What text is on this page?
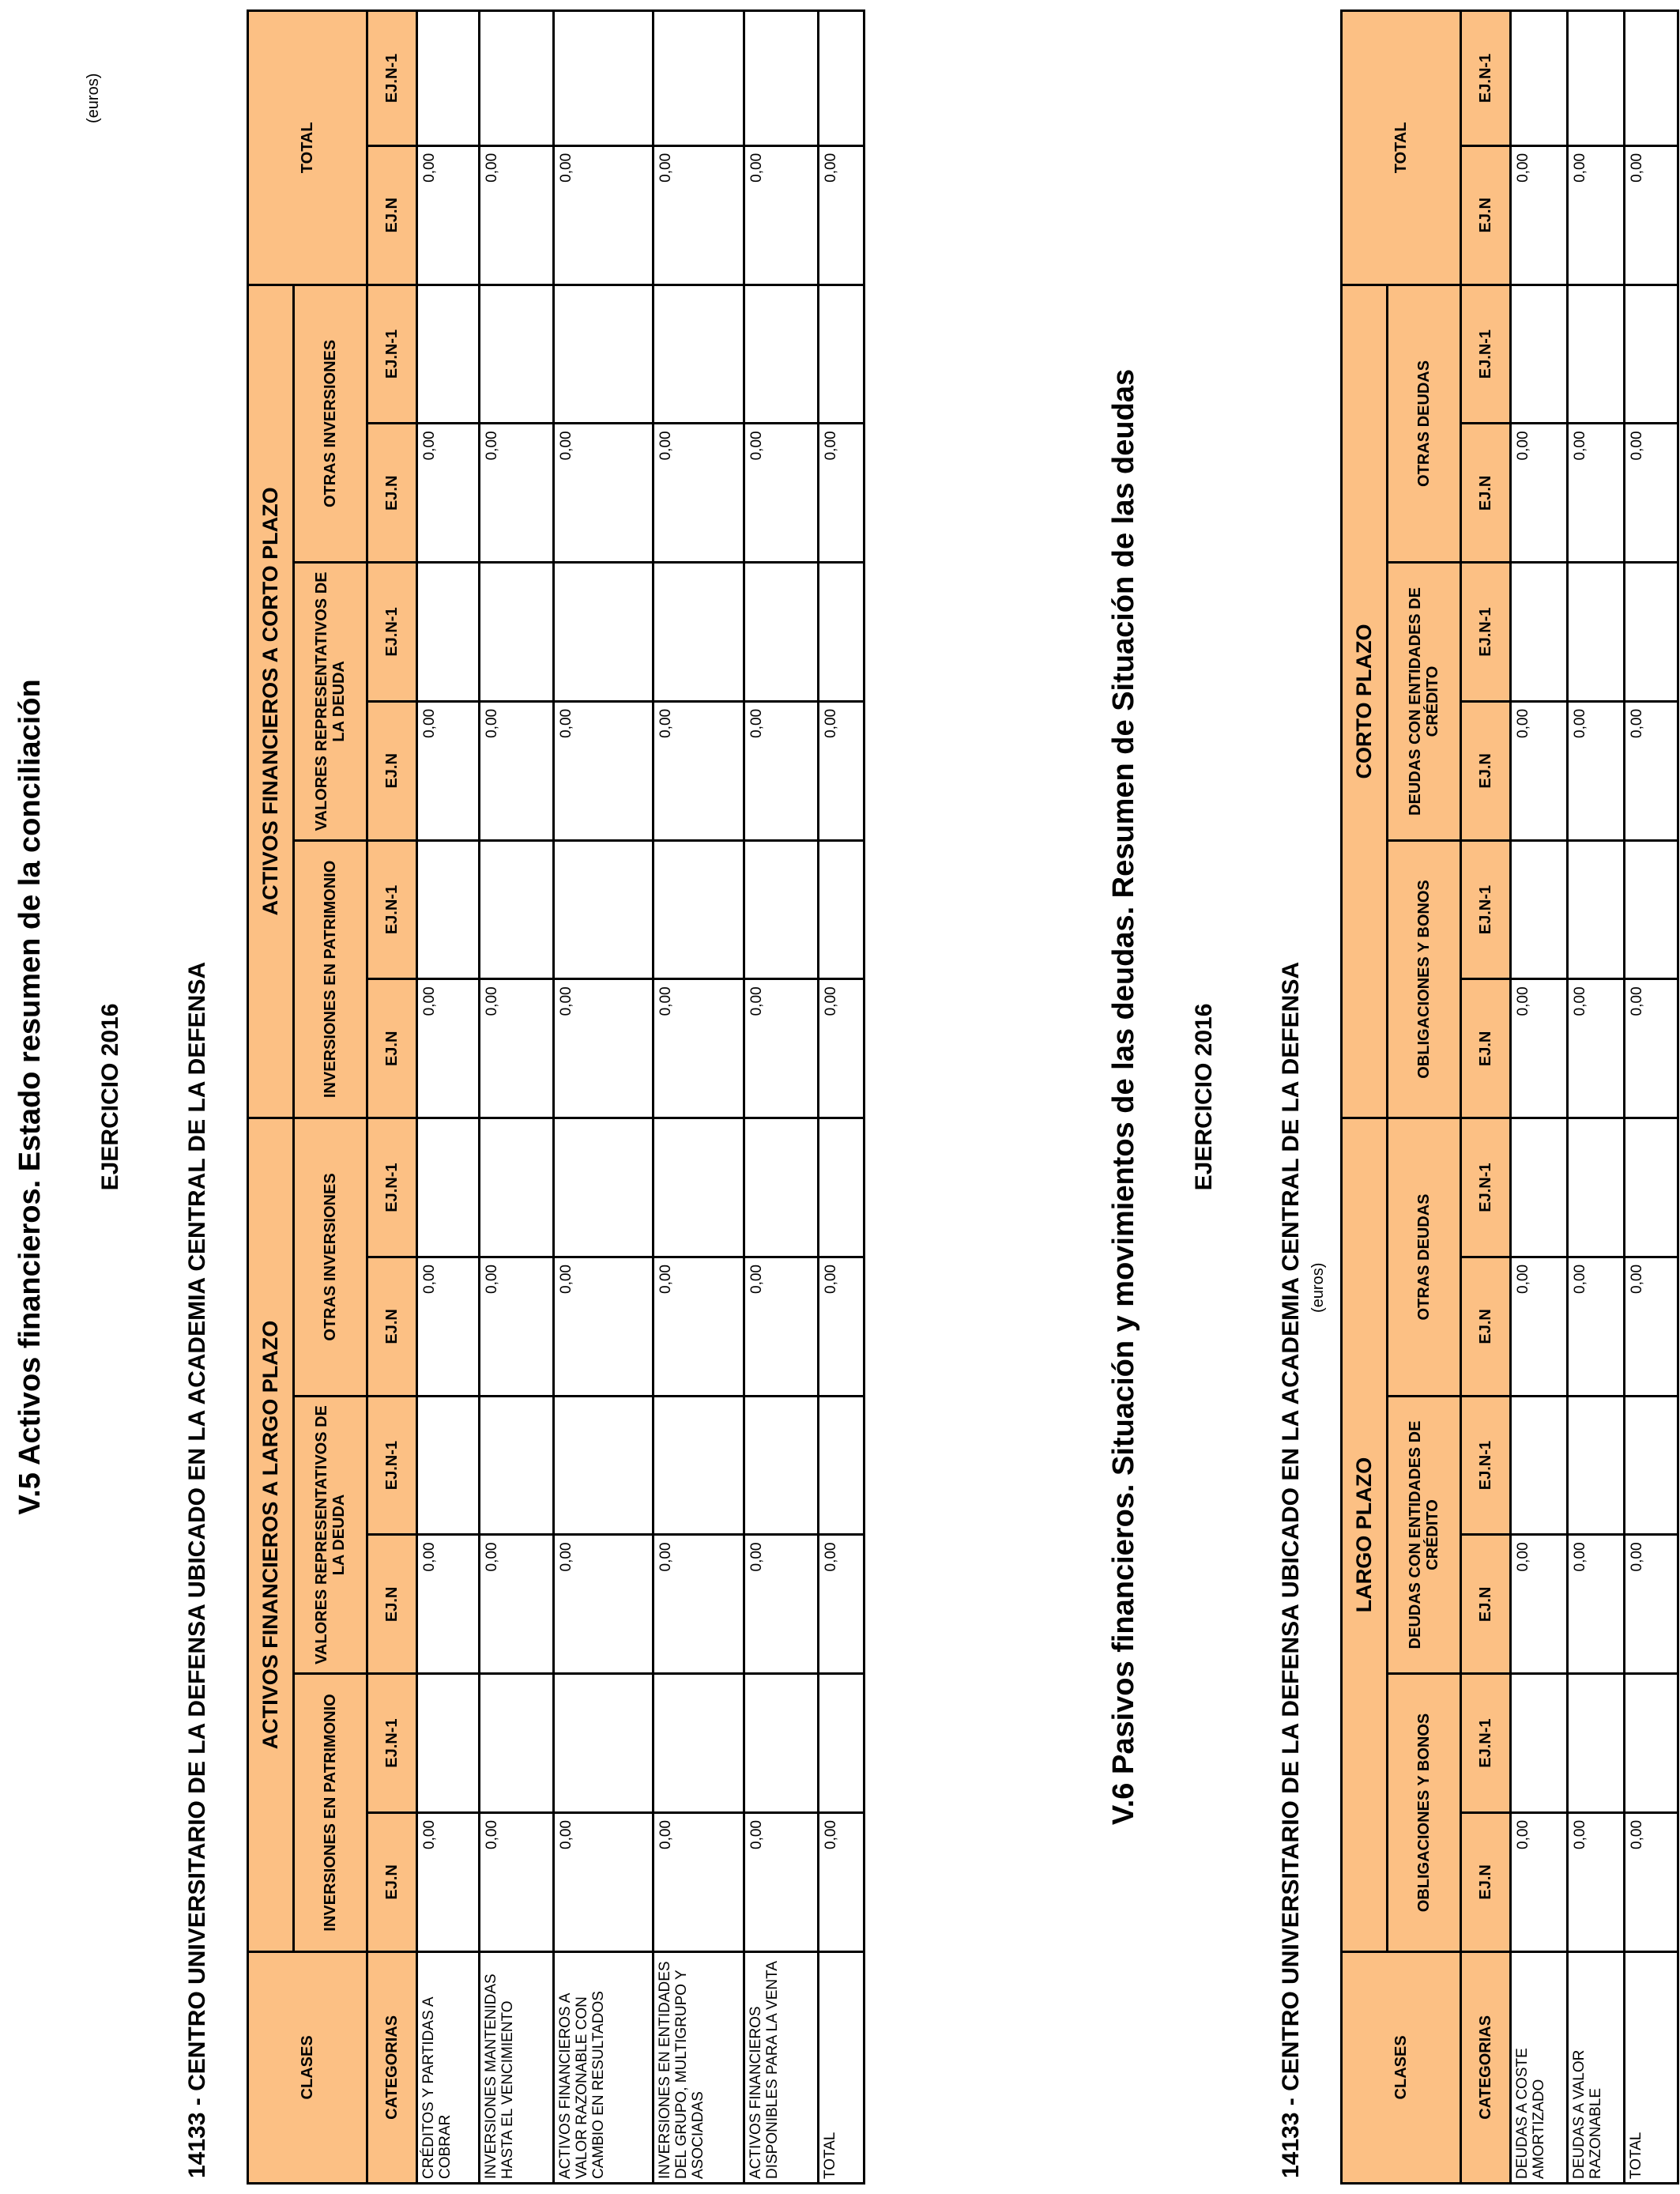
V.5 Activos financieros. Estado resumen de la conciliación EJERCICIO 2016	14133 - CENTRO UNIVERSITARIO DE LA DEFENSA UBICADO EN LA ACADEMIA CENTRAL DE LA DEFENSA
(euros)
CLASES	ACTIVOS FINANCIEROS A LARGO PLAZO						ACTIVOS FINANCIEROS A CORTO PLAZO						TOTAL	
	INVERSIONES EN PATRIMONIO		VALORES REPRESENTATIVOS DE LA DEUDA		OTRAS INVERSIONES		INVERSIONES EN PATRIMONIO		VALORES REPRESENTATIVOS DE LA DEUDA		OTRAS INVERSIONES			
CATEGORIAS	EJ.N	EJ.N-1	EJ.N	EJ.N-1	EJ.N	EJ.N-1	EJ.N	EJ.N-1	EJ.N	EJ.N-1	EJ.N	EJ.N-1	EJ.N	EJ.N-1
CRÉDITOS Y PARTIDAS A COBRAR	0,00		0,00		0,00		0,00		0,00		0,00		0,00	
INVERSIONES MANTENIDAS HASTA EL VENCIMIENTO	0,00		0,00		0,00		0,00		0,00		0,00		0,00	
ACTIVOS FINANCIEROS A VALOR RAZONABLE CON CAMBIO EN RESULTADOS	0,00		0,00		0,00		0,00		0,00		0,00		0,00	
INVERSIONES EN ENTIDADES DEL GRUPO, MULTIGRUPO Y ASOCIADAS	0,00		0,00		0,00		0,00		0,00		0,00		0,00	
ACTIVOS FINANCIEROS DISPONIBLES PARA LA VENTA	0,00		0,00		0,00		0,00		0,00		0,00		0,00	
TOTAL	0,00		0,00		0,00		0,00		0,00		0,00		0,00	
V.6 Pasivos financieros. Situación y movimientos de las deudas. Resumen de Situación de las deudas EJERCICIO 2016	14133 - CENTRO UNIVERSITARIO DE LA DEFENSA UBICADO EN LA ACADEMIA CENTRAL DE LA DEFENSA (euros)
CLASES	LARGO PLAZO						CORTO PLAZO						TOTAL	
	OBLIGACIONES Y BONOS		DEUDAS CON ENTIDADES DE CRÉDITO		OTRAS DEUDAS		OBLIGACIONES Y BONOS		DEUDAS CON ENTIDADES DE CRÉDITO		OTRAS DEUDAS			
CATEGORIAS	EJ.N	EJ.N-1	EJ.N	EJ.N-1	EJ.N	EJ.N-1	EJ.N	EJ.N-1	EJ.N	EJ.N-1	EJ.N	EJ.N-1	EJ.N	EJ.N-1
DEUDAS A COSTE AMORTIZADO	0,00		0,00		0,00		0,00		0,00		0,00		0,00	
DEUDAS A VALOR RAZONABLE	0,00		0,00		0,00		0,00		0,00		0,00		0,00	
TOTAL	0,00		0,00		0,00		0,00		0,00		0,00		0,00	
